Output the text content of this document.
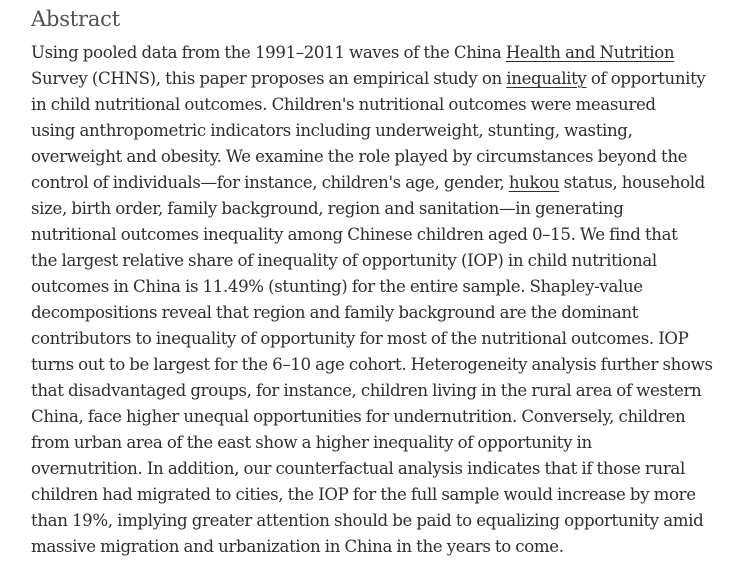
Abstract
Using pooled data from the 1991–2011 waves of the China Health and Nutrition
Survey (CHNS), this paper proposes an empirical study on inequality of opportunity
in child nutritional outcomes. Children's nutritional outcomes were measured
using anthropometric indicators including underweight, stunting, wasting,
overweight and obesity. We examine the role played by circumstances beyond the
control of individuals—for instance, children's age, gender, hukou status, household
size, birth order, family background, region and sanitation—in generating
nutritional outcomes inequality among Chinese children aged 0–15. We find that
the largest relative share of inequality of opportunity (IOP) in child nutritional
outcomes in China is 11.49% (stunting) for the entire sample. Shapley-value
decompositions reveal that region and family background are the dominant
contributors to inequality of opportunity for most of the nutritional outcomes. IOP
turns out to be largest for the 6–10 age cohort. Heterogeneity analysis further shows
that disadvantaged groups, for instance, children living in the rural area of western
China, face higher unequal opportunities for undernutrition. Conversely, children
from urban area of the east show a higher inequality of opportunity in
overnutrition. In addition, our counterfactual analysis indicates that if those rural
children had migrated to cities, the IOP for the full sample would increase by more
than 19%, implying greater attention should be paid to equalizing opportunity amid
massive migration and urbanization in China in the years to come.
